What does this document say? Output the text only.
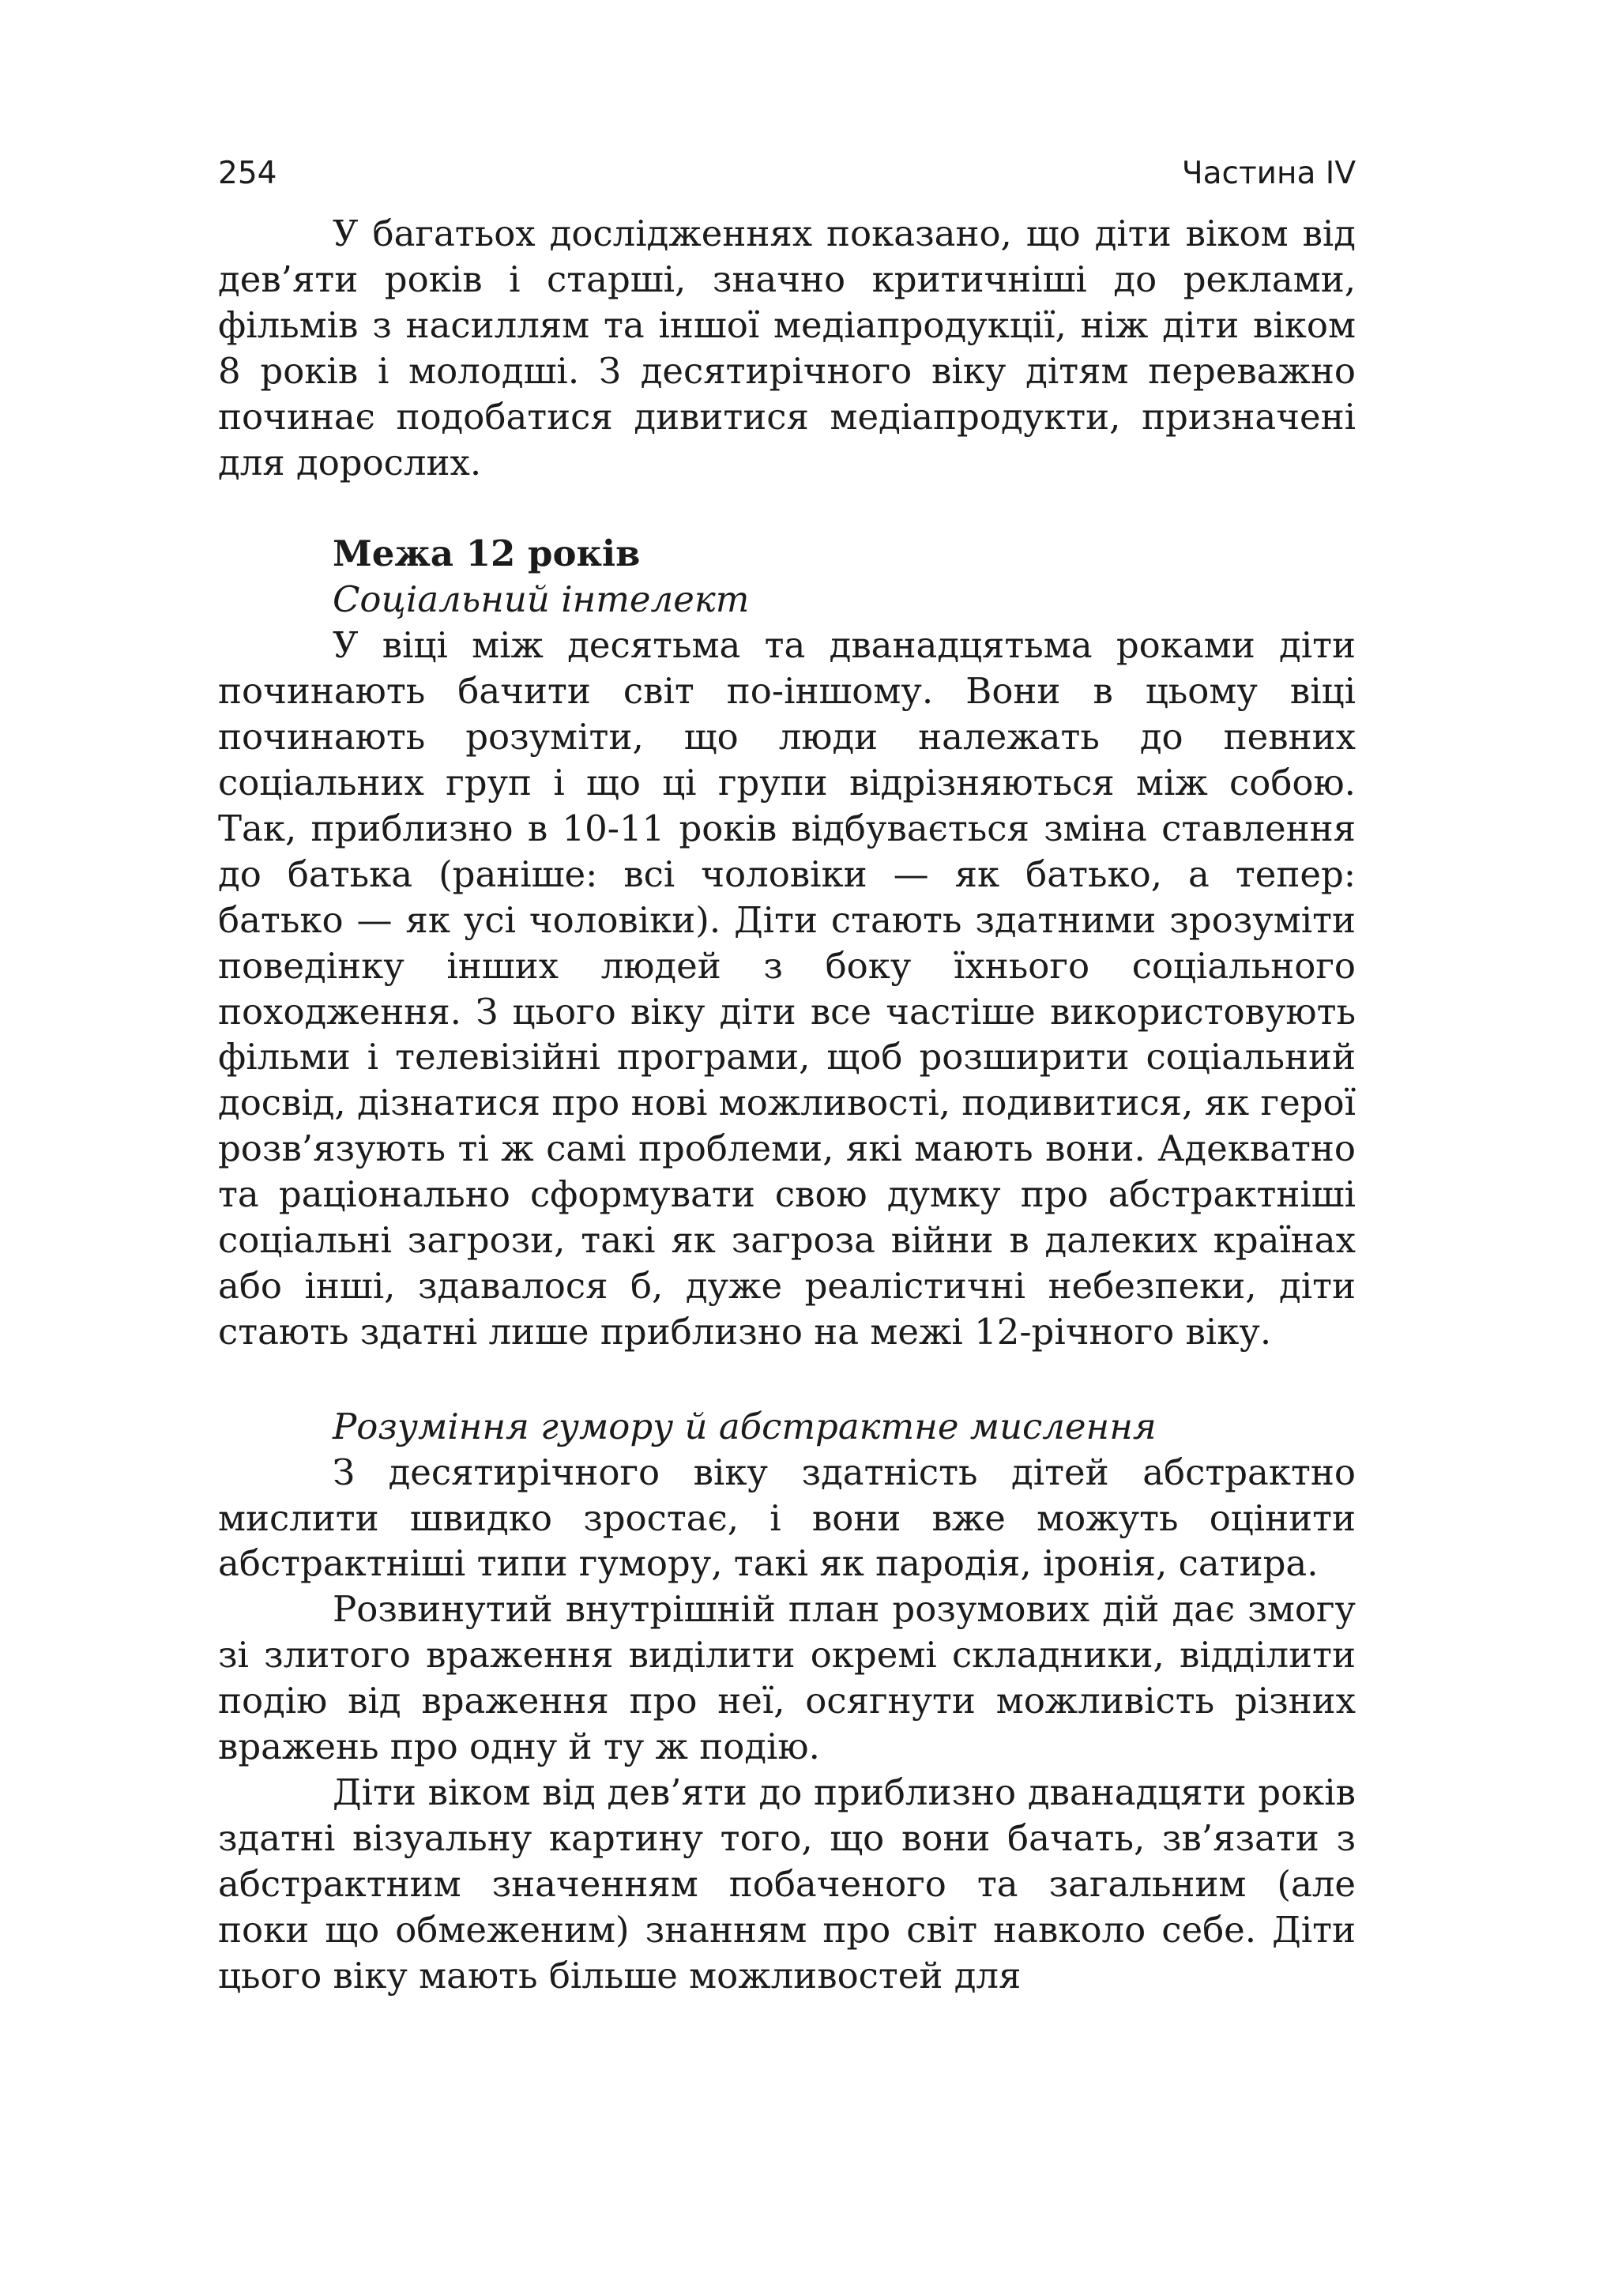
254	Частина IV

У багатьох дослідженнях показано, що діти віком від дев’яти років і старші, значно критичніші до реклами, фільмів з насиллям та іншої медіапродукції, ніж діти віком 8 років і молодші. З десятирічного віку дітям переважно починає подобатися дивитися медіапродукти, призначені для дорослих.

Межа 12 років
Соціальний інтелект

У віці між десятьма та дванадцятьма роками діти починають бачити світ по-іншому. Вони в цьому віці починають розуміти, що люди належать до певних соціальних груп і що ці групи відрізняються між собою. Так, приблизно в 10-11 років відбувається зміна ставлення до батька (раніше: всі чоловіки — як батько, а тепер: батько — як усі чоловіки). Діти стають здатними зрозуміти поведінку інших людей з боку їхнього соціального походження. З цього віку діти все частіше використовують фільми і телевізійні програми, щоб розширити соціальний досвід, дізнатися про нові можливості, подивитися, як герої розв’язують ті ж самі проблеми, які мають вони. Адекватно та раціонально сформувати свою думку про абстрактніші соціальні загрози, такі як загроза війни в далеких країнах або інші, здавалося б, дуже реалістичні небезпеки, діти стають здатні лише приблизно на межі 12-річного віку.

Розуміння гумору й абстрактне мислення

З десятирічного віку здатність дітей абстрактно мислити швидко зростає, і вони вже можуть оцінити абстрактніші типи гумору, такі як пародія, іронія, сатира.

Розвинутий внутрішній план розумових дій дає змогу зі злитого враження виділити окремі складники, відділити подію від враження про неї, осягнути можливість різних вражень про одну й ту ж подію.

Діти віком від дев’яти до приблизно дванадцяти років здатні візуальну картину того, що вони бачать, зв’язати з абстрактним значенням побаченого та загальним (але поки що обмеженим) знанням про світ навколо себе. Діти цього віку мають більше можливостей для
